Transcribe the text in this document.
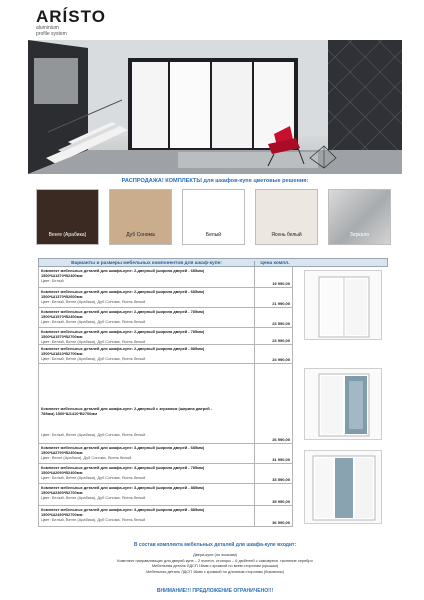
ARÍSTO
aluminium
profile system
РАСПРОДАЖА! КОМПЛЕКТЫ для шкафов-купе цветовые решения:
Венге (Арабика)	Дуб Сонома	Белый	Ясень белый	Зеркало
Варианты и размеры мебельных компонентов для шкаф-купе:	Цена компл.
Комплект мебельных деталей для шкафа-купе: 2-дверный (ширина дверей - 685мм)
1500*Ш1370*В2400мм
Цвет: Белый
19 990,00
Комплект мебельных деталей для шкафа-купе: 2-дверный (ширина дверей - 685мм)
1500*Ш1370*В2600мм
Цвет: Белый, Венге (Арабика), Дуб Сонома, Ясень белый	21 990,00
Комплект мебельных деталей для шкафа-купе: 2-дверный (ширина дверей - 785мм)
1500*Ш1570*В2400мм
Цвет: Белый, Венге (Арабика), Дуб Сонома, Ясень белый	23 590,00
Комплект мебельных деталей для шкафа-купе: 2-дверный (ширина дверей - 785мм)
1500*Ш1570*В2700мм
Цвет: Белый, Венге (Арабика), Дуб Сонома, Ясень белый	23 990,00
Комплект мебельных деталей для шкафа-купе: 2-дверный (ширина дверей - 885мм)
1500*Ш1810*В2700мм
Цвет: Белый, Венге (Арабика), Дуб Сонома, Ясень белый	24 990,00
Комплект мебельных деталей для шкафа-купе: 2-дверный с зеркалом (ширина дверей -
785мм) 1500*Ш1410*В2700мм
Цвет: Белый, Венге (Арабика), Дуб Сонома, Ясень белый
26 990,00
Комплект мебельных деталей для шкафа-купе: 3-дверный (ширина дверей - 685мм)
1500*Ш2790*В2400мм
Цвет: Венге (Арабика), Дуб Сонома, Ясень белый	31 990,00
Комплект мебельных деталей для шкафа-купе: 3-дверный (ширина дверей - 785мм)
1500*Ш2090*В2400мм
Цвет: Белый, Венге (Арабика), Дуб Сонома, Ясень белый	33 590,00
Комплект мебельных деталей для шкафа-купе: 3-дверный (ширина дверей - 885мм)
1500*Ш2390*В2700мм
Цвет: Белый, Венге (Арабика), Дуб Сонома, Ясень белый
35 990,00
Комплект мебельных деталей для шкафа-купе: 3-дверный (ширина дверей - 885мм)
1500*Ш2490*В2700мм
Цвет: Белый, Венге (Арабика), Дуб Сонома, Ясень белый
36 990,00
В состав комплекта мебельных деталей для шкафа-купе входит:
Двери-купе (по эскизам)
Комплект направляющих для дверей купе – 2 ячеечн. стопоры – 6 дюбелей с самоврезн. тиснение серебро
Мебельная деталь ЛДСП 16мм с кромкой по всем сторонам (крышки)
Мебельная деталь ЛДСП 16мм с кромкой по длинным сторонам (боковины)
ВНИМАНИЕ!!! ПРЕДЛОЖЕНИЕ ОГРАНИЧЕНО!!!
